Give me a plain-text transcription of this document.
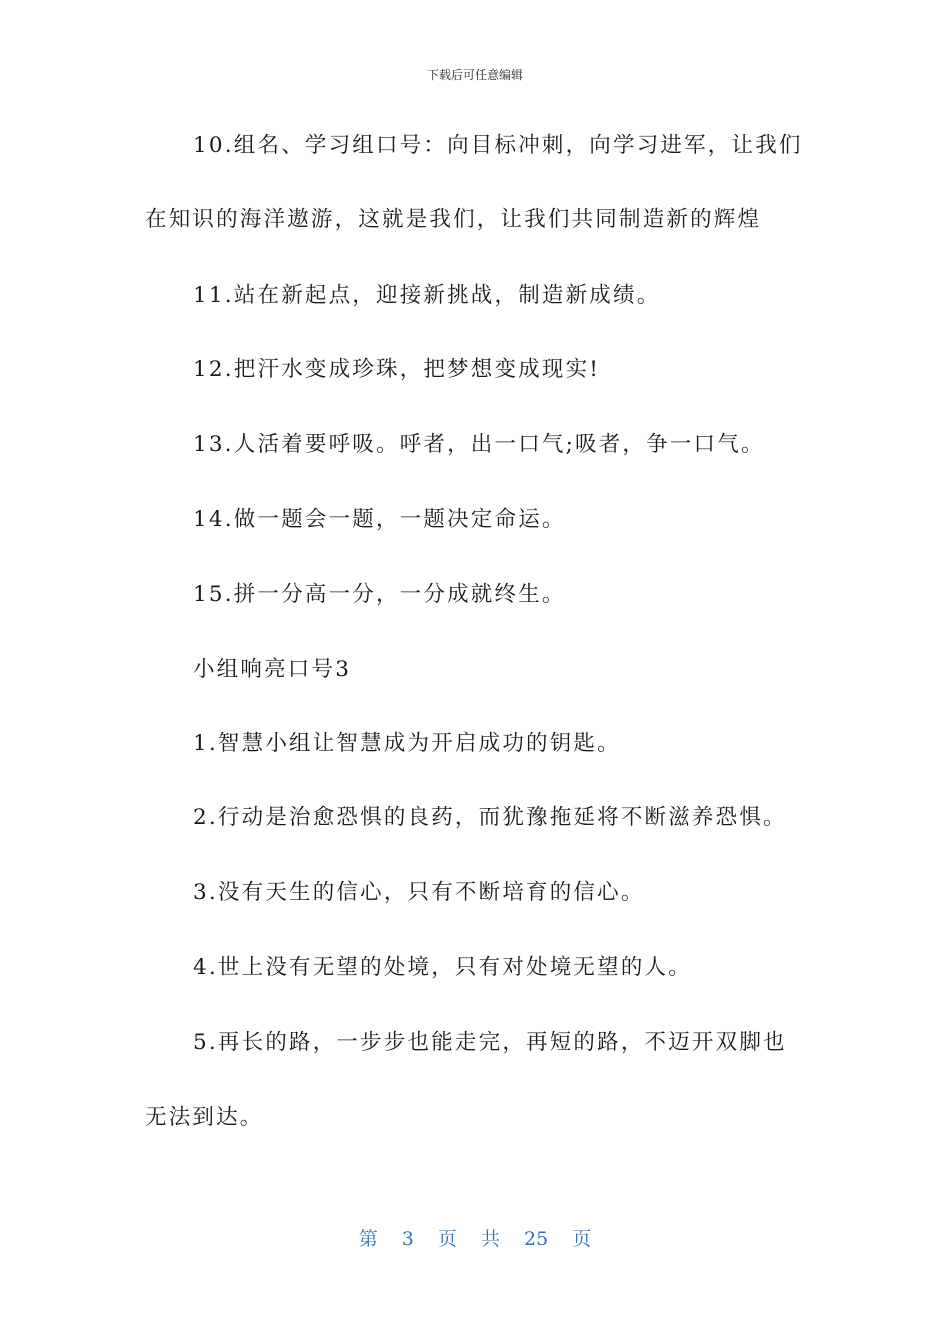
下载后可任意编辑
10.组名、学习组口号：向目标冲刺，向学习进军，让我们
在知识的海洋遨游，这就是我们，让我们共同制造新的辉煌
11.站在新起点，迎接新挑战，制造新成绩。
12.把汗水变成珍珠，把梦想变成现实!
13.人活着要呼吸。呼者，出一口气;吸者，争一口气。
14.做一题会一题，一题决定命运。
15.拼一分高一分，一分成就终生。
小组响亮口号3
1.智慧小组让智慧成为开启成功的钥匙。
2.行动是治愈恐惧的良药，而犹豫拖延将不断滋养恐惧。
3.没有天生的信心，只有不断培育的信心。
4.世上没有无望的处境，只有对处境无望的人。
5.再长的路，一步步也能走完，再短的路，不迈开双脚也
无法到达。
第 3 页 共 25 页
